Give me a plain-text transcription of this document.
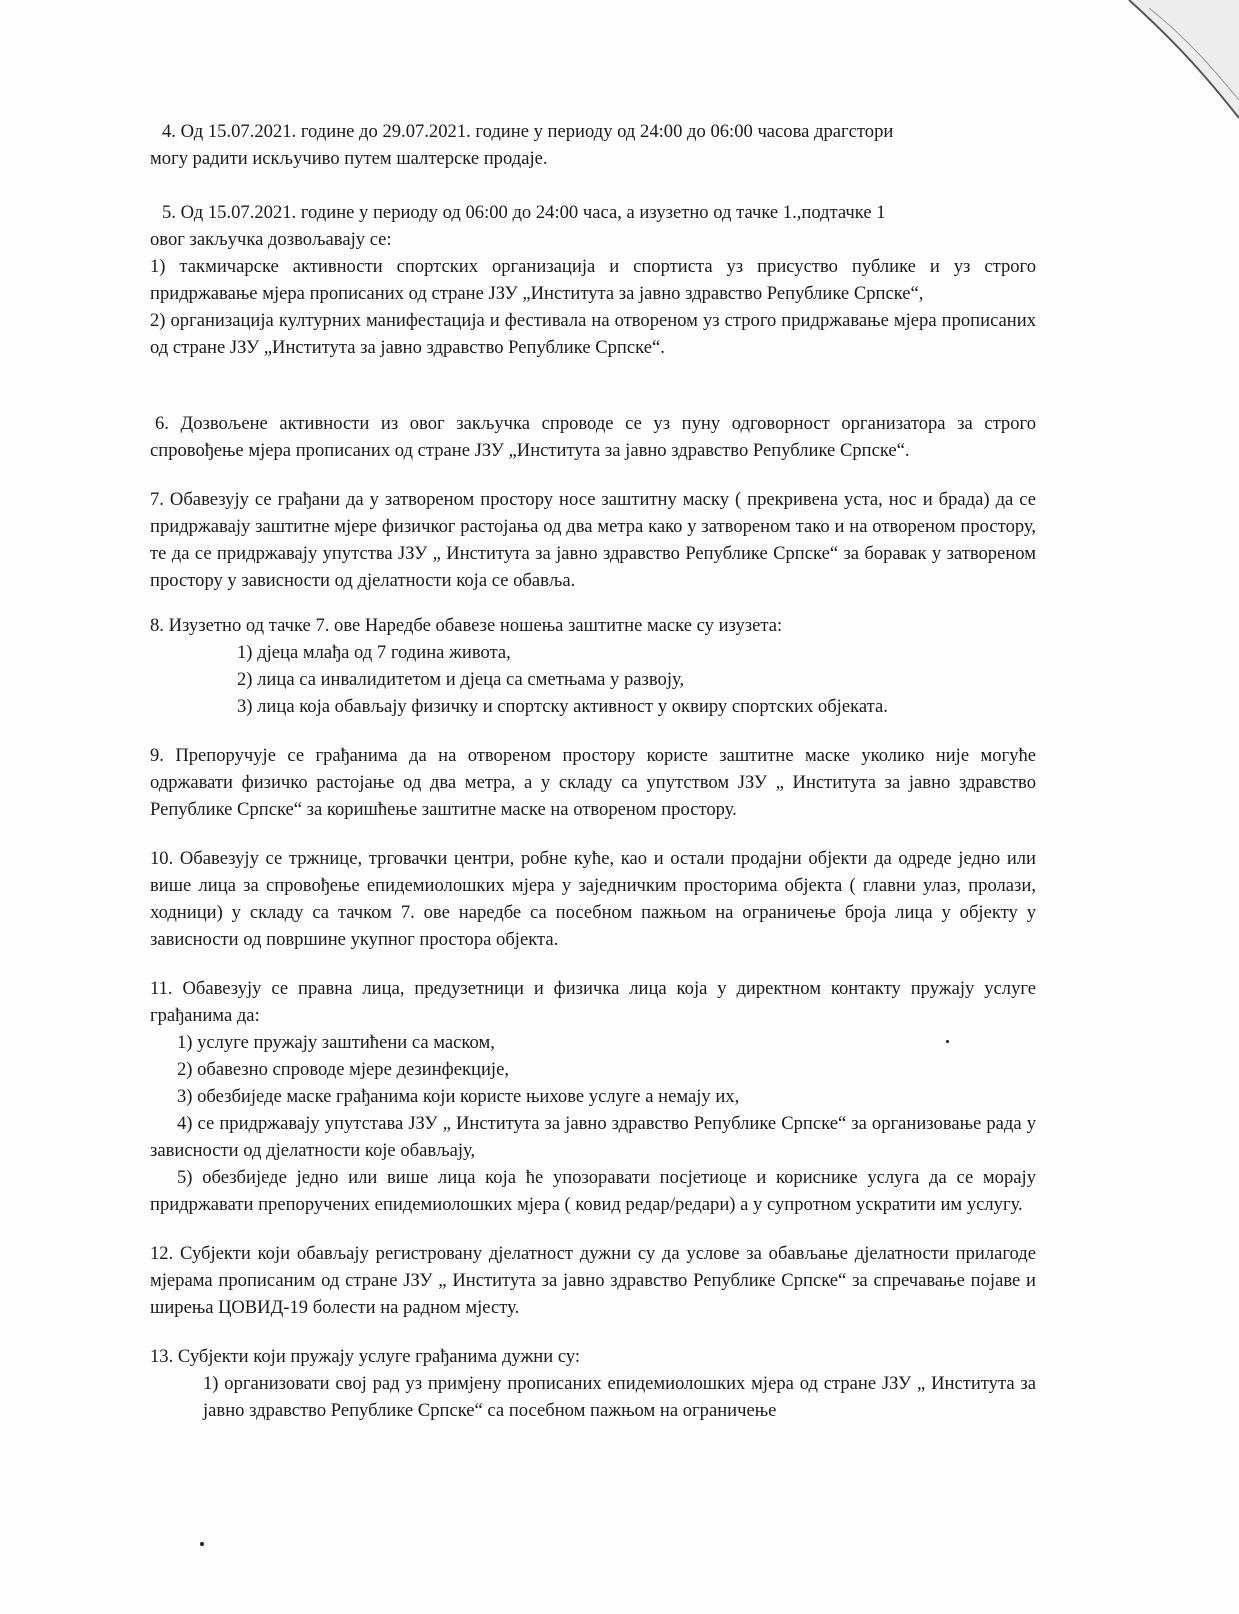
4. Од 15.07.2021. године до 29.07.2021. године у периоду од 24:00 до 06:00 часова драгстори

могу радити искључиво путем шалтерске продаје.

5. Од 15.07.2021. године у периоду од 06:00 до 24:00 часа, а изузетно од тачке 1.,подтачке 1

овог закључка дозвољавају се:

1) такмичарске активности спортских организација и спортиста уз присуство публике и уз строго придржавање мјера прописаних од стране ЈЗУ „Института за јавно здравство Републике Српске“,

2) организација културних манифестација и фестивала на отвореном уз строго придржавање мјера прописаних од стране ЈЗУ „Института за јавно здравство Републике Српске“.

6. Дозвољене активности из овог закључка спроводе се уз пуну одговорност организатора за строго спровођење мјера прописаних од стране ЈЗУ „Института за јавно здравство Републике Српске“.

7. Обавезују се грађани да у затвореном простору носе заштитну маску ( прекривена уста, нос и брада) да се придржавају заштитне мјере физичког растојања од два метра како у затвореном тако и на отвореном простору, те да се придржавају упутства ЈЗУ „ Института за јавно здравство Републике Српске“ за боравак у затвореном простору у зависности од дјелатности која се обавља.

8. Изузетно од тачке 7. ове Наредбе обавезе ношења заштитне маске су изузета:

1) дјеца млађа од 7 година живота,
2) лица са инвалидитетом и дјеца са сметњама у развоју,
3) лица која обављају физичку и спортску активност у оквиру спортских објеката.

9. Препоручује се грађанима да на отвореном простору користе заштитне маске уколико није могуће одржавати физичко растојање од два метра, а у складу са упутством ЈЗУ „ Института за јавно здравство Републике Српске“ за коришћење заштитне маске на отвореном простору.

10. Обавезују се тржнице, трговачки центри, робне куће, као и остали продајни објекти да одреде једно или више лица за спровођење епидемиолошких мјера у заједничким просторима објекта ( главни улаз, пролази, ходници) у складу са тачком 7. ове наредбе са посебном пажњом на ограничење броја лица у објекту у зависности од површине укупног простора објекта.

11. Обавезују се правна лица, предузетници и физичка лица која у директном контакту пружају услуге грађанима да:

1) услуге пружају заштићени са маском,

2) обавезно спроводе мјере дезинфекције,

3) обезбиједе маске грађанима који користе њихове услуге а немају их,

4) се придржавају упутстава ЈЗУ „ Института за јавно здравство Републике Српске“ за организовање рада у зависности од дјелатности које обављају,

5) обезбиједе једно или више лица која ће упозоравати посјетиоце и кориснике услуга да се морају придржавати препоручених епидемиолошких мјера ( ковид редар/редари) а у супротном ускратити им услугу.

12. Субјекти који обављају регистровану дјелатност дужни су да услове за обављање дјелатности прилагоде мјерама прописаним од стране ЈЗУ „ Института за јавно здравство Републике Српске“ за спречавање појаве и ширења ЦОВИД-19 болести на радном мјесту.

13. Субјекти који пружају услуге грађанима дужни су:

1) организовати свој рад уз примјену прописаних епидемиолошких мјера од стране ЈЗУ „ Института за јавно здравство Републике Српске“ са посебном пажњом на ограничење
